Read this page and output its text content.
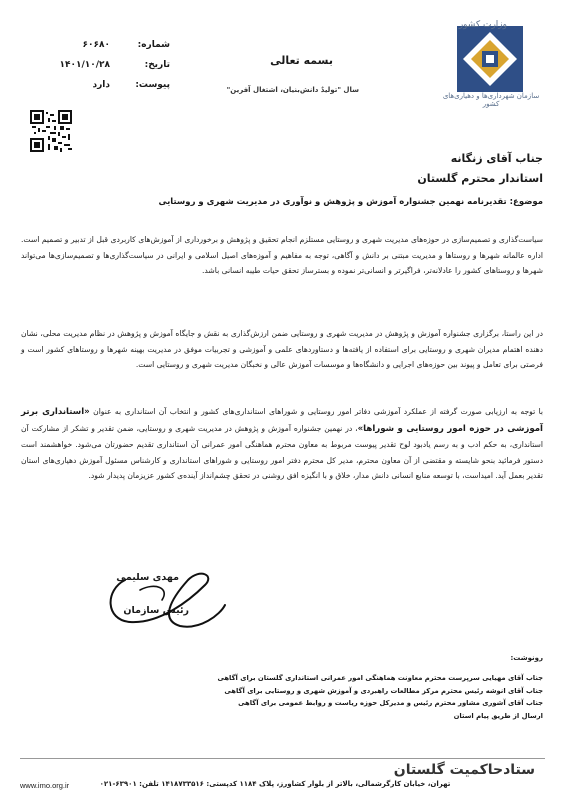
وزارت کشور
سازمان شهرداری‌ها و دهیاری‌های کشور
بسمه تعالی
سال "تولیدٌ دانش‌بنیان، اشتغال آفرین"
شماره:
۶۰۶۸۰
تاریخ:
۱۴۰۱/۱۰/۲۸
پیوست:
دارد
جناب آقای زنگانه
استاندار محترم گلستان
موضوع: تقدیرنامه نهمین جشنواره آموزش و پژوهش و نوآوری در مدیریت شهری و روستایی
سیاست‌گذاری و تصمیم‌سازی در حوزه‌های مدیریت شهری و روستایی مستلزم انجام تحقیق و پژوهش و برخورداری از آموزش‌های کاربردی قبل از تدبیر و تصمیم است. اداره عالمانه شهرها و روستاها و مدیریت مبتنی بر دانش و آگاهی، توجه به مفاهیم و آموزه‌های اصیل اسلامی و ایرانی در سیاست‌گذاری‌ها و تصمیم‌سازی‌ها می‌تواند شهرها و روستاهای کشور را عادلانه‌تر، فراگیرتر و انسانی‌تر نموده و بسترساز تحقق حیات طیبه انسانی باشد.
در این راستا، برگزاری جشنواره آموزش و پژوهش در مدیریت شهری و روستایی ضمن ارزش‌گذاری به نقش و جایگاه آموزش و پژوهش در نظام مدیریت محلی، نشان دهنده اهتمام مدیران شهری و روستایی برای استفاده از یافته‌ها و دستاوردهای علمی و آموزشی و تجربیات موفق در مدیریت بهینه شهرها و روستاهای کشور است و فرصتی برای تعامل و پیوند بین حوزه‌های اجرایی و دانشگاه‌ها و موسسات آموزش عالی و نخبگان مدیریت شهری و روستایی است.
با توجه به ارزیابی صورت گرفته از عملکرد آموزشی دفاتر امور روستایی و شوراهای استانداری‌های کشور و انتخاب آن استانداری به عنوان «استانداری برتر آموزشی در حوزه امور روستایی و شوراها»، در نهمین جشنواره آموزش و پژوهش در مدیریت شهری و روستایی، ضمن تقدیر و تشکر از مشارکت آن استانداری، به حکم ادب و به رسم یادبود لوح تقدیر پیوست مربوط به معاون محترم هماهنگی امور عمرانی آن استانداری تقدیم حضورتان می‌شود. خواهشمند است دستور فرمائید بنحو شایسته و مقتضی از آن معاون محترم، مدیر کل محترم دفتر امور روستایی و شوراهای استانداری و کارشناس مسئول آموزش دهیاری‌های استان تقدیر بعمل آید. امیداست، با توسعه منابع انسانی دانش مدار، خلاق و با انگیزه افق روشنی در تحقق چشم‌انداز آینده‌ی کشور عزیزمان پدیدار شود.
مهدی سلیمی
رئیس سازمان
رونوشت:
جناب آقای مهیایی سرپرست محترم معاونت هماهنگی امور عمرانی استانداری گلستان برای آگاهی
جناب آقای انوشه رئیس محترم مرکز مطالعات راهبردی و آموزش شهری و روستایی برای آگاهی
جناب آقای آشوری مشاور محترم رئیس و مدیرکل حوزه ریاست و روابط عمومی برای آگاهی
ارسال از طریق پیام استان
ستادحاکمیت گلستان
تهران، خیابان کارگرشمالی، بالاتر از بلوار کشاورز، پلاک ۱۱۸۴ کدپستی: ۱۴۱۸۷۳۳۵۱۶ تلفن: ۶۳۹۰۱-۰۲۱
www.imo.org.ir
